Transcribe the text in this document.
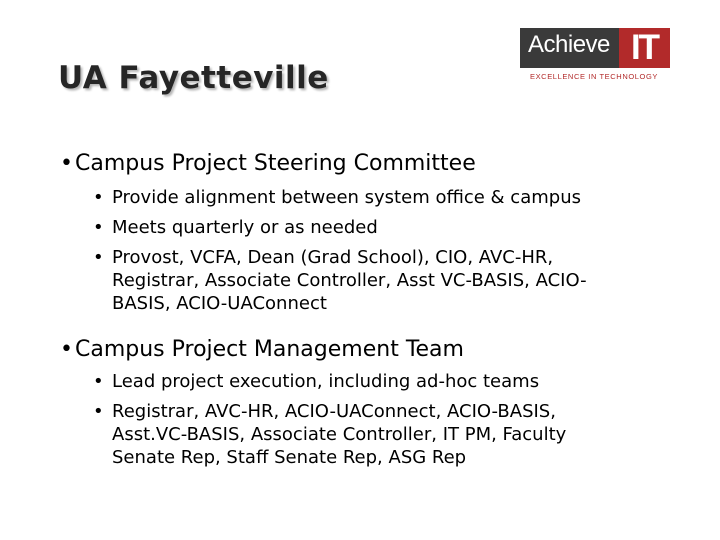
UA Fayetteville
Achieve IT
EXCELLENCE IN TECHNOLOGY
• Campus Project Steering Committee
• Provide alignment between system office & campus
• Meets quarterly or as needed
• Provost, VCFA, Dean (Grad School), CIO, AVC-HR,
Registrar, Associate Controller, Asst VC-BASIS, ACIO-
BASIS, ACIO-UAConnect
• Campus Project Management Team
• Lead project execution, including ad-hoc teams
• Registrar, AVC-HR, ACIO-UAConnect, ACIO-BASIS,
Asst.VC-BASIS, Associate Controller, IT PM, Faculty
Senate Rep, Staff Senate Rep, ASG Rep
